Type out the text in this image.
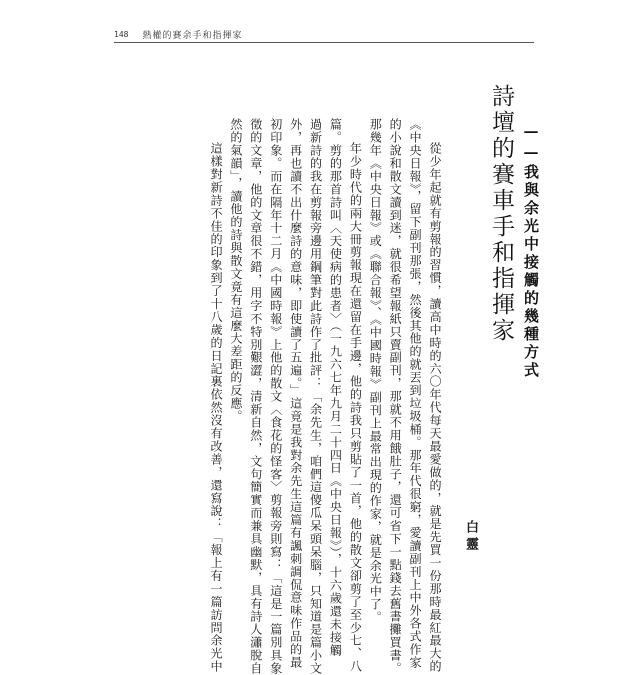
148 熱權的賽余手和指揮家
詩壇的賽車手和指揮家 ——我與余光中接觸的幾種方式
從少年起就有剪報的習慣，讀高中時的六〇年代每天最愛做的，就是先買一份那時最紅最大的
《中央日報》，留下副刊那張，然後其他的就丟到垃圾桶。那年代很窮，愛讀副刊上中外各式作家
的小說和散文讀到迷，就很希望報紙只賣副刊，那就不用餓肚子，還可省下一點錢去舊書攤買書。
那幾年《中央日報》或《聯合報》、《中國時報》副刊上最常出現的作家，就是余光中了。
年少時代的兩大冊剪報現在還留在手邊，他的詩我只剪貼了一首，他的散文卻剪了至少七、八
篇。剪的那首詩叫〈天使病的患者〉（一九六七年九月二十四日《中央日報》），十六歲還未接觸
過新詩的我在剪報旁邊用鋼筆對此詩作了批評：「余先生，咱們這傻瓜呆頭呆腦，只知道是篇小文
外，再也讀不出什麼詩的意味，即使讀了五遍。」這竟是我對余先生這篇有諷刺調侃意味作品的最
初印象。而在隔年十二月《中國時報》上他的散文〈食花的怪客〉剪報旁則寫：「這是一篇別具象
徵的文章，他的文章很不錯，用字不特別艱澀，清新自然，文句簡實而兼具幽默，具有詩人瀟脫自
然的氣韻」，讀他的詩與散文竟有這麼大差距的反應。
這樣對新詩不佳的印象到了十八歲的日記裏依然沒有改善，還寫說：「報上有一篇訪問余光中	白靈
